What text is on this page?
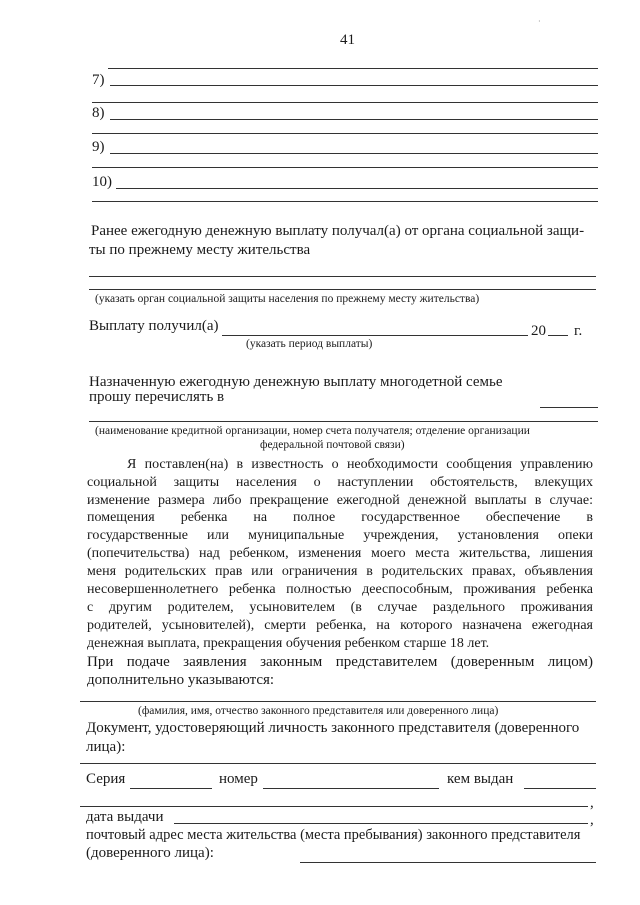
41
·
7)
8)
9)
10)
Ранее ежегодную денежную выплату получал(а) от органа социальной защи-
ты по прежнему месту жительства
(указать орган социальной защиты населения по прежнему месту жительства)
Выплату получил(а)	20 г.
(указать период выплаты)
Назначенную ежегодную денежную выплату многодетной семье
прошу перечислять в
(наименование кредитной организации, номер счета получателя; отделение организации
федеральной почтовой связи)
Я поставлен(на) в известность о необходимости сообщения управлению
социальной защиты населения о наступлении обстоятельств, влекущих
изменение размера либо прекращение ежегодной денежной выплаты в случае:
помещения ребенка на полное государственное обеспечение в
государственные или муниципальные учреждения, установления опеки
(попечительства) над ребенком, изменения моего места жительства, лишения
меня родительских прав или ограничения в родительских правах, объявления
несовершеннолетнего ребенка полностью дееспособным, проживания ребенка
с другим родителем, усыновителем (в случае раздельного проживания
родителей, усыновителей), смерти ребенка, на которого назначена ежегодная
денежная выплата, прекращения обучения ребенком старше 18 лет.
При подаче заявления законным представителем (доверенным лицом)
дополнительно указываются:
(фамилия, имя, отчество законного представителя или доверенного лица)
Документ, удостоверяющий личность законного представителя (доверенного
лица):
Серия	номер	кем выдан
,
дата выдачи	,
почтовый адрес места жительства (места пребывания) законного представителя
(доверенного лица):
